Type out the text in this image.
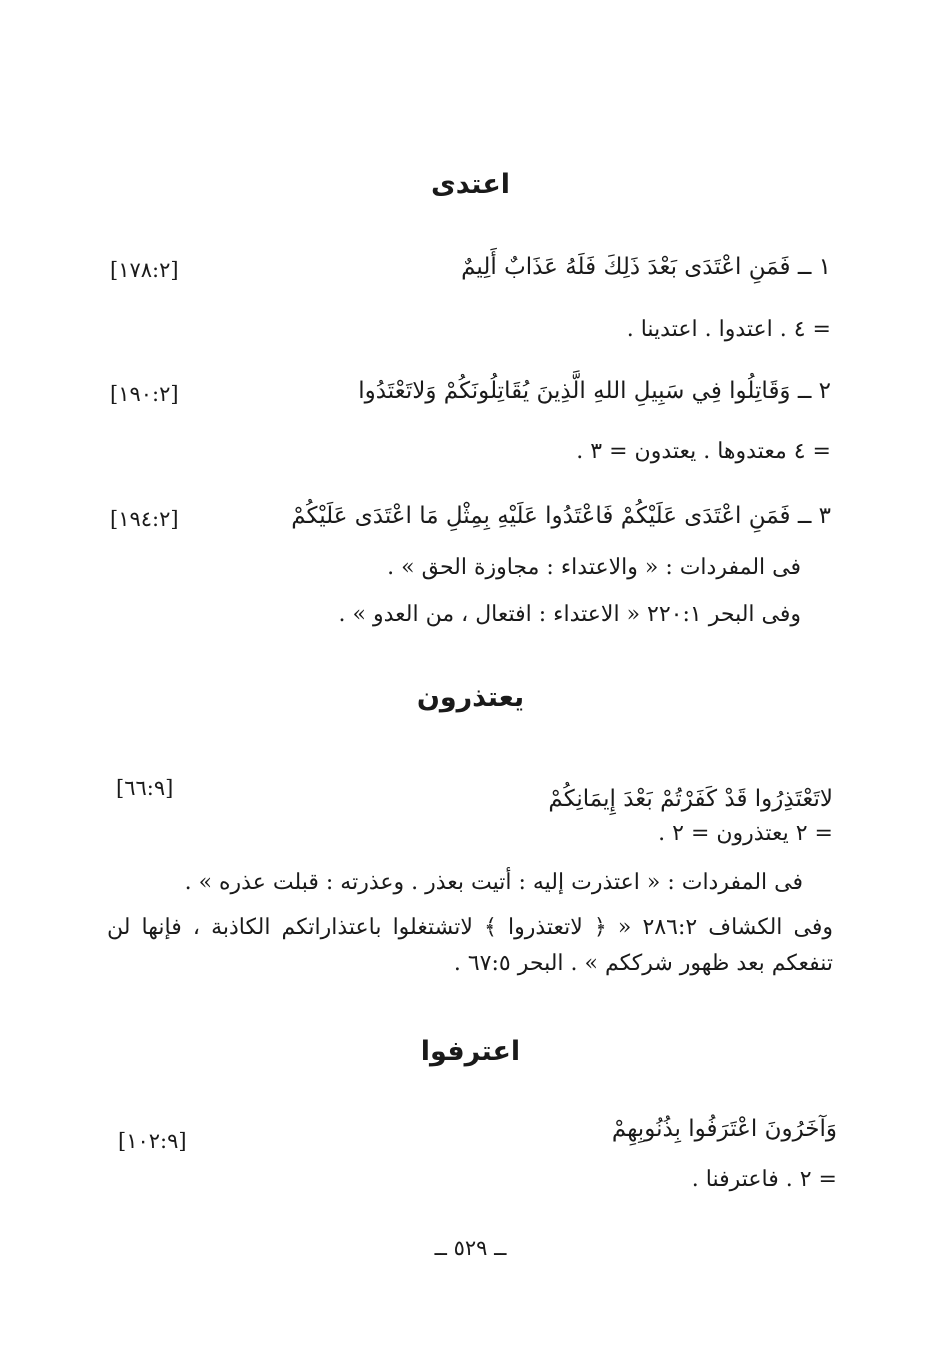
اعتدى
١ ــ فَمَنِ اعْتَدَى بَعْدَ ذَلِكَ فَلَهُ عَذَابٌ أَلِيمٌ
[١٧٨:٢]
= ٤ . اعتدوا . اعتدينا .
٢ ــ وَقَاتِلُوا فِي سَبِيلِ اللهِ الَّذِينَ يُقَاتِلُونَكُمْ وَلاتَعْتَدُوا
[١٩٠:٢]
= ٤ معتدوها . يعتدون = ٣ .
٣ ــ فَمَنِ اعْتَدَى عَلَيْكُمْ فَاعْتَدُوا عَلَيْهِ بِمِثْلِ مَا اعْتَدَى عَلَيْكُمْ
[١٩٤:٢]
فى المفردات : « والاعتداء : مجاوزة الحق » .
وفى البحر ٢٢٠:١ « الاعتداء : افتعال ، من العدو » .
يعتذرون
لاتَعْتَذِرُوا قَدْ كَفَرْتُمْ بَعْدَ إِيمَانِكُمْ
[٦٦:٩]
= ٢ يعتذرون = ٢ .
فى المفردات : « اعتذرت إليه : أتيت بعذر . وعذرته : قبلت عذره » .
وفى الكشاف ٢٨٦:٢ « ﴿ لاتعتذروا ﴾ لاتشتغلوا باعتذاراتكم الكاذبة ، فإنها لن تنفعكم بعد ظهور شرككم » . البحر ٦٧:٥ .
اعترفوا
وَآخَرُونَ اعْتَرَفُوا بِذُنُوبِهِمْ
[١٠٢:٩]
= ٢ . فاعترفنا .
ــ ٥٢٩ ــ
